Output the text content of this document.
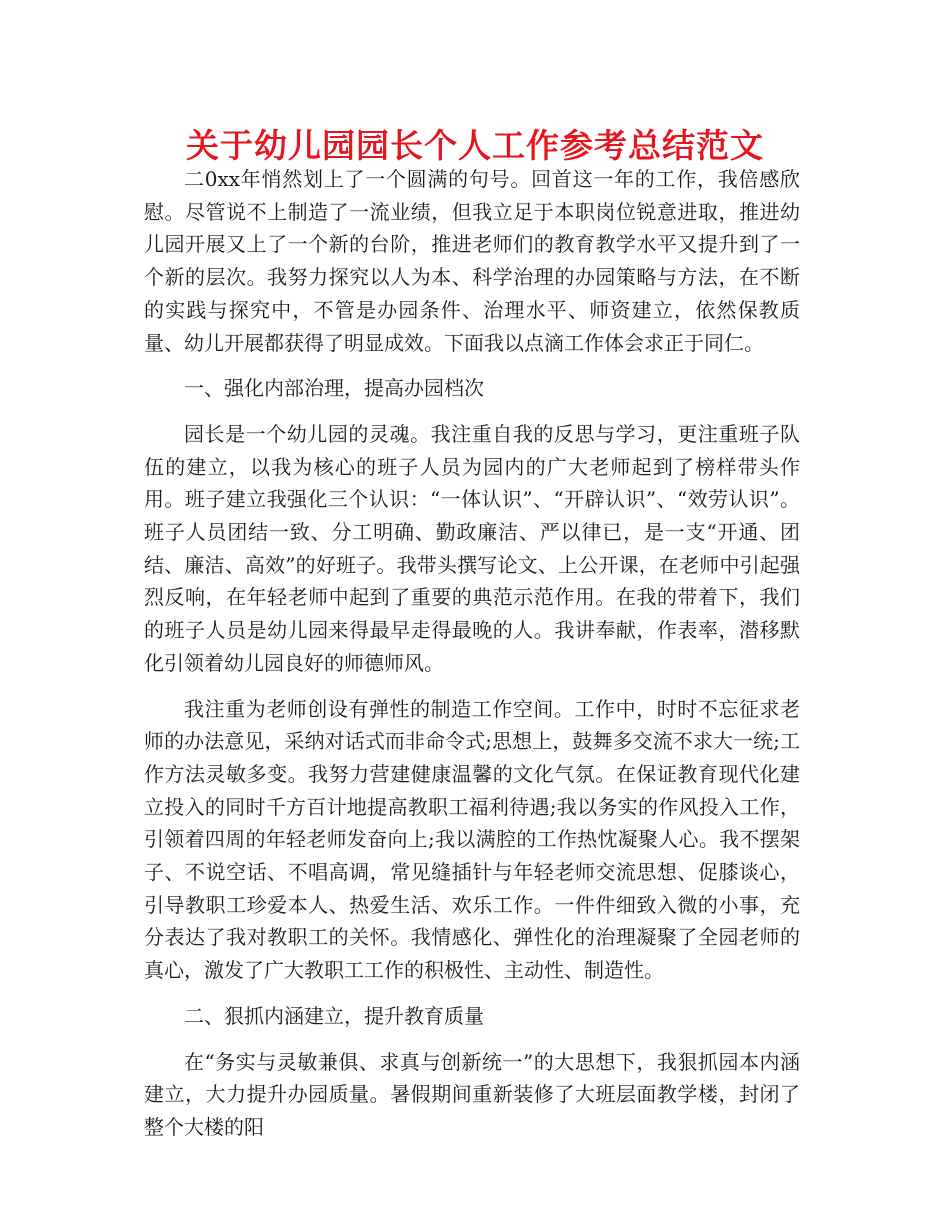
关于幼儿园园长个人工作参考总结范文

二0xx年悄然划上了一个圆满的句号。回首这一年的工作，我倍感欣慰。尽管说不上制造了一流业绩，但我立足于本职岗位锐意进取，推进幼儿园开展又上了一个新的台阶，推进老师们的教育教学水平又提升到了一个新的层次。我努力探究以人为本、科学治理的办园策略与方法，在不断的实践与探究中，不管是办园条件、治理水平、师资建立，依然保教质量、幼儿开展都获得了明显成效。下面我以点滴工作体会求正于同仁。

一、强化内部治理，提高办园档次

园长是一个幼儿园的灵魂。我注重自我的反思与学习，更注重班子队伍的建立，以我为核心的班子人员为园内的广大老师起到了榜样带头作用。班子建立我强化三个认识：“一体认识”、“开辟认识”、“效劳认识”。班子人员团结一致、分工明确、勤政廉洁、严以律已，是一支“开通、团结、廉洁、高效”的好班子。我带头撰写论文、上公开课，在老师中引起强烈反响，在年轻老师中起到了重要的典范示范作用。在我的带着下，我们的班子人员是幼儿园来得最早走得最晚的人。我讲奉献，作表率，潜移默化引领着幼儿园良好的师德师风。

我注重为老师创设有弹性的制造工作空间。工作中，时时不忘征求老师的办法意见，采纳对话式而非命令式;思想上，鼓舞多交流不求大一统;工作方法灵敏多变。我努力营建健康温馨的文化气氛。在保证教育现代化建立投入的同时千方百计地提高教职工福利待遇;我以务实的作风投入工作，引领着四周的年轻老师发奋向上;我以满腔的工作热忱凝聚人心。我不摆架子、不说空话、不唱高调，常见缝插针与年轻老师交流思想、促膝谈心，引导教职工珍爱本人、热爱生活、欢乐工作。一件件细致入微的小事，充分表达了我对教职工的关怀。我情感化、弹性化的治理凝聚了全园老师的真心，激发了广大教职工工作的积极性、主动性、制造性。

二、狠抓内涵建立，提升教育质量

在“务实与灵敏兼俱、求真与创新统一”的大思想下，我狠抓园本内涵建立，大力提升办园质量。暑假期间重新装修了大班层面教学楼，封闭了整个大楼的阳
